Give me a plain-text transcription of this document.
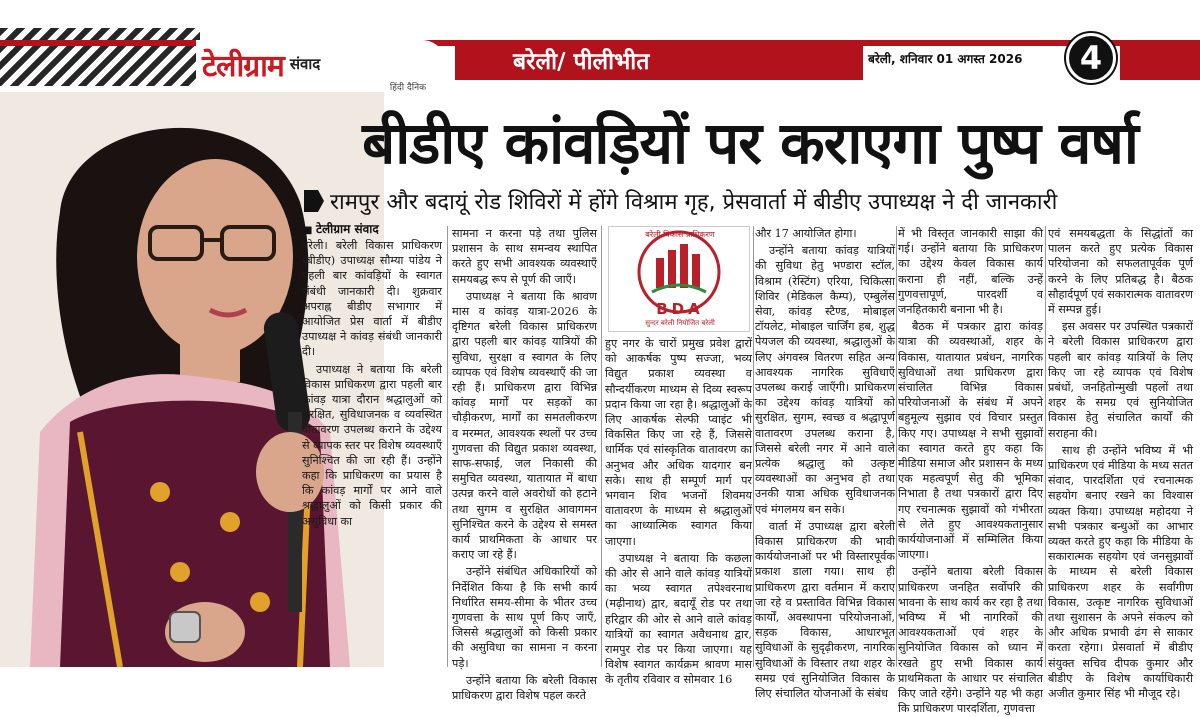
टेलीग्राम संवाद
हिंदी दैनिक
बरेली/ पीलीभीत	बरेली, शनिवार 01 अगस्त 2026	4
बीडीए कांवड़ियों पर कराएगा पुष्प वर्षा
रामपुर और बदायूं रोड शिविरों में होंगे विश्राम गृह, प्रेसवार्ता में बीडीए उपाध्यक्ष ने दी जानकारी
■ टेलीग्राम संवाद

बरेली। बरेली विकास प्राधिकरण (बीडीए) उपाध्यक्ष सौम्या पांडेय ने पहली बार कांवड़ियों के स्वागत संबंधी जानकारी दी। शुक्रवार अपराह्न बीडीए सभागार में आयोजित प्रेस वार्ता में बीडीए उपाध्यक्ष ने कांवड़ संबंधी जानकारी दी।

उपाध्यक्ष ने बताया कि बरेली विकास प्राधिकरण द्वारा पहली बार कांवड़ यात्रा दौरान श्रद्धालुओं को सुरक्षित, सुविधाजनक व व्यवस्थित वातावरण उपलब्ध कराने के उद्देश्य से व्यापक स्तर पर विशेष व्यवस्थाएँ सुनिश्चित की जा रही हैं। उन्होंने कहा कि प्राधिकरण का प्रयास है कि कांवड़ मार्गों पर आने वाले श्रद्धालुओं को किसी प्रकार की असुविधा का

सामना न करना पड़े तथा पुलिस प्रशासन के साथ समन्वय स्थापित करते हुए सभी आवश्यक व्यवस्थाएँ समयबद्ध रूप से पूर्ण की जाएँ।

उपाध्यक्ष ने बताया कि श्रावण मास व कांवड़ यात्रा-2026 के दृष्टिगत बरेली विकास प्राधिकरण द्वारा पहली बार कांवड़ यात्रियों की सुविधा, सुरक्षा व स्वागत के लिए व्यापक एवं विशेष व्यवस्थाएँ की जा रही हैं। प्राधिकरण द्वारा विभिन्न कांवड़ मार्गों पर सड़कों का चौड़ीकरण, मार्गों का समतलीकरण व मरम्मत, आवश्यक स्थलों पर उच्च गुणवत्ता की विद्युत प्रकाश व्यवस्था, साफ-सफाई, जल निकासी की समुचित व्यवस्था, यातायात में बाधा उत्पन्न करने वाले अवरोधों को हटाने तथा सुगम व सुरक्षित आवागमन सुनिश्चित करने के उद्देश्य से समस्त कार्य प्राथमिकता के आधार पर कराए जा रहे हैं।

उन्होंने संबंधित अधिकारियों को निर्देशित किया है कि सभी कार्य निर्धारित समय-सीमा के भीतर उच्च गुणवत्ता के साथ पूर्ण किए जाएँ, जिससे श्रद्धालुओं को किसी प्रकार की असुविधा का सामना न करना पड़े।

उन्होंने बताया कि बरेली विकास प्राधिकरण द्वारा विशेष पहल करते

बरेली विकास प्राधिकरण
BDA
सुन्दर बरेली नियोजित बरेली

हुए नगर के चारों प्रमुख प्रवेश द्वारों को आकर्षक पुष्प सज्जा, भव्य विद्युत प्रकाश व्यवस्था व सौन्दर्यीकरण माध्यम से दिव्य स्वरूप प्रदान किया जा रहा है। श्रद्धालुओं के लिए आकर्षक सेल्फी प्वाइंट भी विकसित किए जा रहे हैं, जिससे धार्मिक एवं सांस्कृतिक वातावरण का अनुभव और अधिक यादगार बन सके। साथ ही सम्पूर्ण मार्ग पर भगवान शिव भजनों शिवमय वातावरण के माध्यम से श्रद्धालुओं का आध्यात्मिक स्वागत किया जाएगा।

उपाध्यक्ष ने बताया कि कछला की ओर से आने वाले कांवड़ यात्रियों का भव्य स्वागत तपेश्वरनाथ (मढ़ीनाथ) द्वार, बदायूँ रोड पर तथा हरिद्वार की ओर से आने वाले कांवड़ यात्रियों का स्वागत अवैधनाथ द्वार, रामपुर रोड पर किया जाएगा। यह विशेष स्वागत कार्यक्रम श्रावण मास के तृतीय रविवार व सोमवार 16

और 17 आयोजित होगा।

उन्होंने बताया कांवड़ यात्रियों की सुविधा हेतु भण्डारा स्टॉल, विश्राम (रेस्टिंग) एरिया, चिकित्सा शिविर (मेडिकल कैम्प), एम्बुलेंस सेवा, कांवड़ स्टैण्ड, मोबाइल टॉयलेट, मोबाइल चार्जिंग हब, शुद्ध पेयजल की व्यवस्था, श्रद्धालुओं के लिए अंगवस्त्र वितरण सहित अन्य आवश्यक नागरिक सुविधाएँ उपलब्ध कराई जाएँगी। प्राधिकरण का उद्देश्य कांवड़ यात्रियों को सुरक्षित, सुगम, स्वच्छ व श्रद्धापूर्ण वातावरण उपलब्ध कराना है, जिससे बरेली नगर में आने वाले प्रत्येक श्रद्धालु को उत्कृष्ट व्यवस्थाओं का अनुभव हो तथा उनकी यात्रा अधिक सुविधाजनक एवं मंगलमय बन सके।

वार्ता में उपाध्यक्ष द्वारा बरेली विकास प्राधिकरण की भावी कार्ययोजनाओं पर भी विस्तारपूर्वक प्रकाश डाला गया। साथ ही प्राधिकरण द्वारा वर्तमान में कराए जा रहे व प्रस्तावित विभिन्न विकास कार्यों, अवस्थापना परियोजनाओं, सड़क विकास, आधारभूत सुविधाओं के सुदृढ़ीकरण, नागरिक सुविधाओं के विस्तार तथा शहर के समग्र एवं सुनियोजित विकास के लिए संचालित योजनाओं के संबंध

में भी विस्तृत जानकारी साझा की गई। उन्होंने बताया कि प्राधिकरण का उद्देश्य केवल विकास कार्य कराना ही नहीं, बल्कि उन्हें गुणवत्तापूर्ण, पारदर्शी व जनहितकारी बनाना भी है।

बैठक में पत्रकार द्वारा कांवड़ यात्रा की व्यवस्थाओं, शहर के विकास, यातायात प्रबंधन, नागरिक सुविधाओं तथा प्राधिकरण द्वारा संचालित विभिन्न विकास परियोजनाओं के संबंध में अपने बहुमूल्य सुझाव एवं विचार प्रस्तुत किए गए। उपाध्यक्ष ने सभी सुझावों का स्वागत करते हुए कहा कि मीडिया समाज और प्रशासन के मध्य एक महत्वपूर्ण सेतु की भूमिका निभाता है तथा पत्रकारों द्वारा दिए गए रचनात्मक सुझावों को गंभीरता से लेते हुए आवश्यकतानुसार कार्ययोजनाओं में सम्मिलित किया जाएगा।

उन्होंने बताया बरेली विकास प्राधिकरण जनहित सर्वोपरि की भावना के साथ कार्य कर रहा है तथा भविष्य में भी नागरिकों की आवश्यकताओं एवं शहर के सुनियोजित विकास को ध्यान में रखते हुए सभी विकास कार्य प्राथमिकता के आधार पर संचालित किए जाते रहेंगे। उन्होंने यह भी कहा कि प्राधिकरण पारदर्शिता, गुणवत्ता

एवं समयबद्धता के सिद्धांतों का पालन करते हुए प्रत्येक विकास परियोजना को सफलतापूर्वक पूर्ण करने के लिए प्रतिबद्ध है। बैठक सौहार्दपूर्ण एवं सकारात्मक वातावरण में सम्पन्न हुई।

इस अवसर पर उपस्थित पत्रकारों ने बरेली विकास प्राधिकरण द्वारा पहली बार कांवड़ यात्रियों के लिए किए जा रहे व्यापक एवं विशेष प्रबंधों, जनहितोन्मुखी पहलों तथा शहर के समग्र एवं सुनियोजित विकास हेतु संचालित कार्यों की सराहना की।

साथ ही उन्होंने भविष्य में भी प्राधिकरण एवं मीडिया के मध्य सतत संवाद, पारदर्शिता एवं रचनात्मक सहयोग बनाए रखने का विश्वास व्यक्त किया। उपाध्यक्ष महोदया ने सभी पत्रकार बन्धुओं का आभार व्यक्त करते हुए कहा कि मीडिया के सकारात्मक सहयोग एवं जनसुझावों के माध्यम से बरेली विकास प्राधिकरण शहर के सर्वांगीण विकास, उत्कृष्ट नागरिक सुविधाओं तथा सुशासन के अपने संकल्प को और अधिक प्रभावी ढंग से साकार करता रहेगा। प्रेसवार्ता में बीडीए संयुक्त सचिव दीपक कुमार और बीडीए के विशेष कार्याधिकारी अजीत कुमार सिंह भी मौजूद रहे।
